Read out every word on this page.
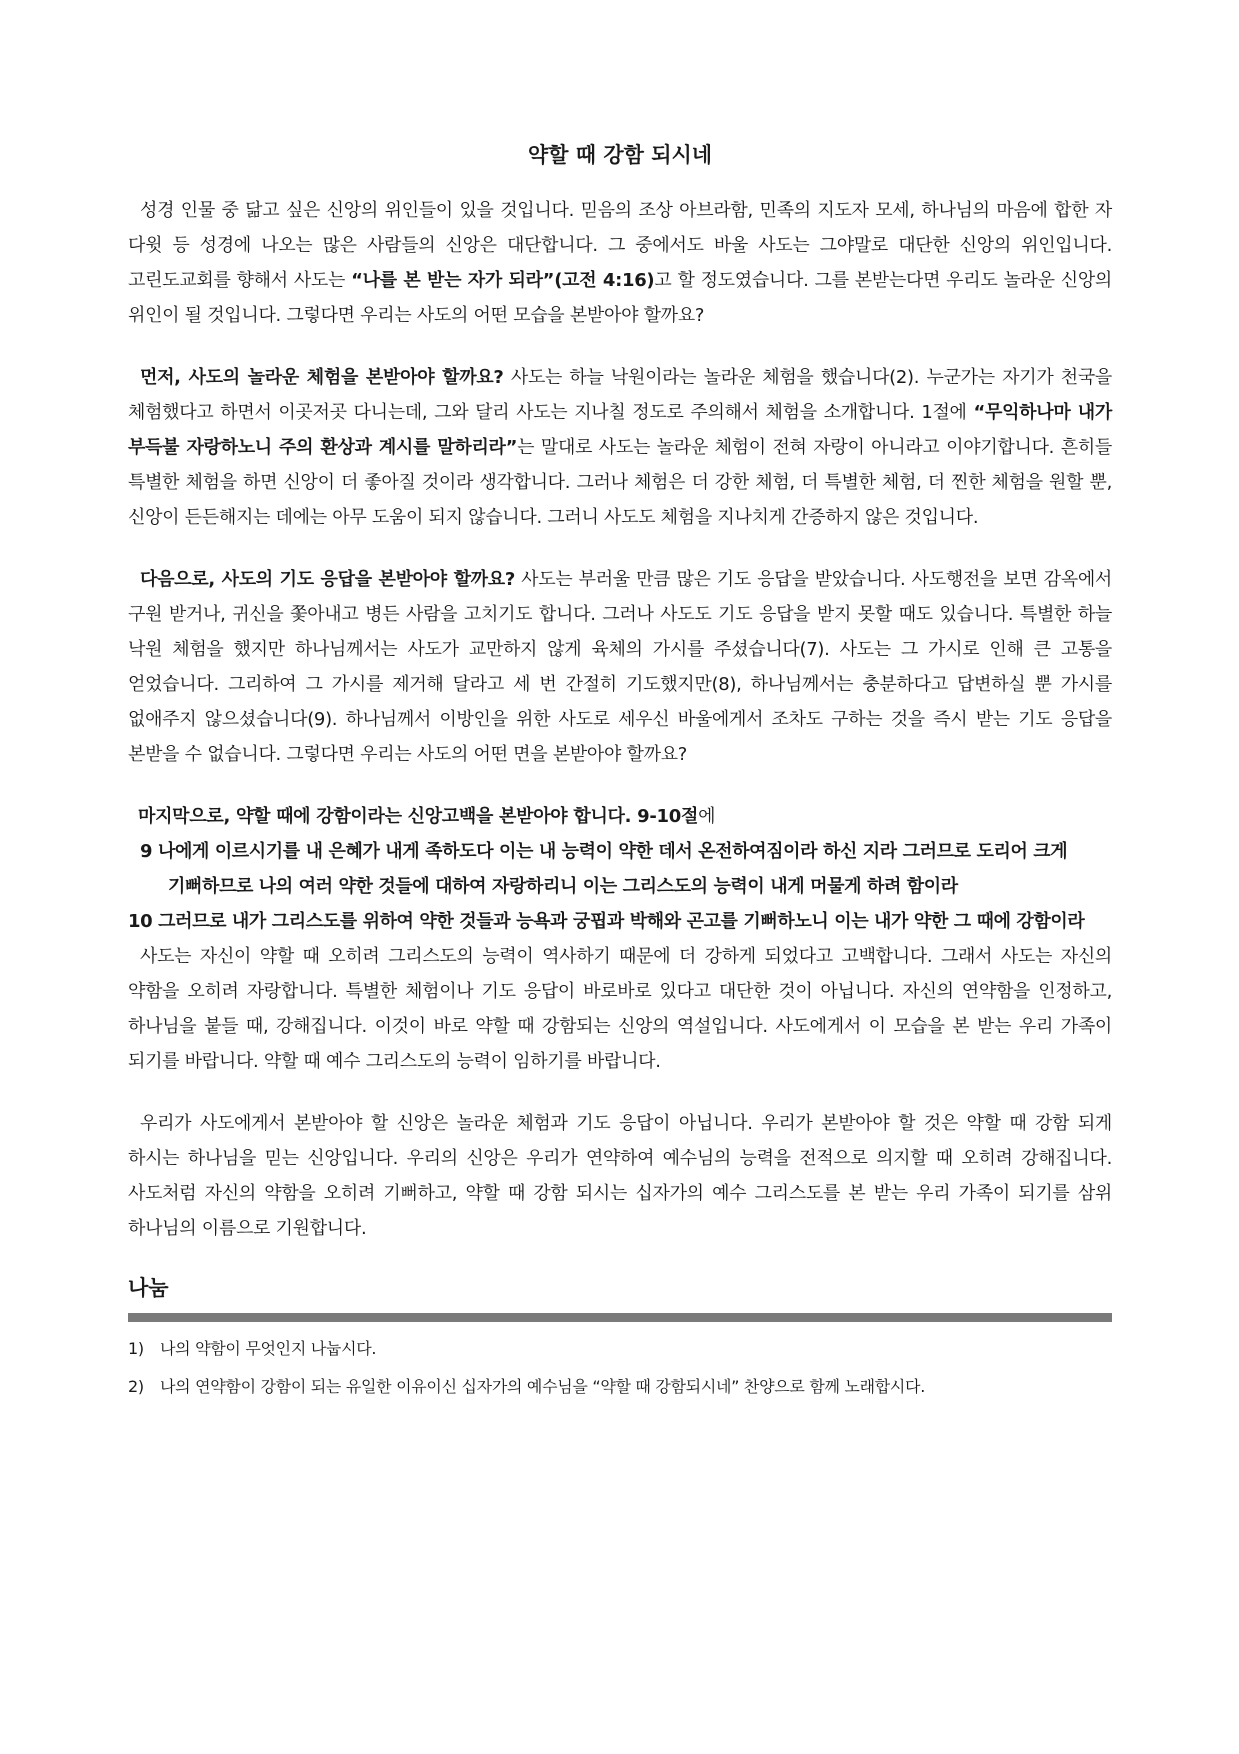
약할 때 강함 되시네

성경 인물 중 닮고 싶은 신앙의 위인들이 있을 것입니다. 믿음의 조상 아브라함, 민족의 지도자 모세, 하나님의 마음에 합한 자 다윗 등 성경에 나오는 많은 사람들의 신앙은 대단합니다. 그 중에서도 바울 사도는 그야말로 대단한 신앙의 위인입니다. 고린도교회를 향해서 사도는 “나를 본 받는 자가 되라”(고전 4:16)고 할 정도였습니다. 그를 본받는다면 우리도 놀라운 신앙의 위인이 될 것입니다. 그렇다면 우리는 사도의 어떤 모습을 본받아야 할까요?

먼저, 사도의 놀라운 체험을 본받아야 할까요? 사도는 하늘 낙원이라는 놀라운 체험을 했습니다(2). 누군가는 자기가 천국을 체험했다고 하면서 이곳저곳 다니는데, 그와 달리 사도는 지나칠 정도로 주의해서 체험을 소개합니다. 1절에 “무익하나마 내가 부득불 자랑하노니 주의 환상과 계시를 말하리라”는 말대로 사도는 놀라운 체험이 전혀 자랑이 아니라고 이야기합니다. 흔히들 특별한 체험을 하면 신앙이 더 좋아질 것이라 생각합니다. 그러나 체험은 더 강한 체험, 더 특별한 체험, 더 찐한 체험을 원할 뿐, 신앙이 든든해지는 데에는 아무 도움이 되지 않습니다. 그러니 사도도 체험을 지나치게 간증하지 않은 것입니다.

다음으로, 사도의 기도 응답을 본받아야 할까요? 사도는 부러울 만큼 많은 기도 응답을 받았습니다. 사도행전을 보면 감옥에서 구원 받거나, 귀신을 쫓아내고 병든 사람을 고치기도 합니다. 그러나 사도도 기도 응답을 받지 못할 때도 있습니다. 특별한 하늘 낙원 체험을 했지만 하나님께서는 사도가 교만하지 않게 육체의 가시를 주셨습니다(7). 사도는 그 가시로 인해 큰 고통을 얻었습니다. 그리하여 그 가시를 제거해 달라고 세 번 간절히 기도했지만(8), 하나님께서는 충분하다고 답변하실 뿐 가시를 없애주지 않으셨습니다(9). 하나님께서 이방인을 위한 사도로 세우신 바울에게서 조차도 구하는 것을 즉시 받는 기도 응답을 본받을 수 없습니다. 그렇다면 우리는 사도의 어떤 면을 본받아야 할까요?

마지막으로, 약할 때에 강함이라는 신앙고백을 본받아야 합니다. 9-10절에

9 나에게 이르시기를 내 은혜가 내게 족하도다 이는 내 능력이 약한 데서 온전하여짐이라 하신 지라 그러므로 도리어 크게 기뻐하므로 나의 여러 약한 것들에 대하여 자랑하리니 이는 그리스도의 능력이 내게 머물게 하려 함이라

10 그러므로 내가 그리스도를 위하여 약한 것들과 능욕과 궁핍과 박해와 곤고를 기뻐하노니 이는 내가 약한 그 때에 강함이라

사도는 자신이 약할 때 오히려 그리스도의 능력이 역사하기 때문에 더 강하게 되었다고 고백합니다. 그래서 사도는 자신의 약함을 오히려 자랑합니다. 특별한 체험이나 기도 응답이 바로바로 있다고 대단한 것이 아닙니다. 자신의 연약함을 인정하고, 하나님을 붙들 때, 강해집니다. 이것이 바로 약할 때 강함되는 신앙의 역설입니다. 사도에게서 이 모습을 본 받는 우리 가족이 되기를 바랍니다. 약할 때 예수 그리스도의 능력이 임하기를 바랍니다.

우리가 사도에게서 본받아야 할 신앙은 놀라운 체험과 기도 응답이 아닙니다. 우리가 본받아야 할 것은 약할 때 강함 되게 하시는 하나님을 믿는 신앙입니다. 우리의 신앙은 우리가 연약하여 예수님의 능력을 전적으로 의지할 때 오히려 강해집니다. 사도처럼 자신의 약함을 오히려 기뻐하고, 약할 때 강함 되시는 십자가의 예수 그리스도를 본 받는 우리 가족이 되기를 삼위 하나님의 이름으로 기원합니다.

나눔
1)	나의 약함이 무엇인지 나눕시다.
2)	나의 연약함이 강함이 되는 유일한 이유이신 십자가의 예수님을 “약할 때 강함되시네” 찬양으로 함께 노래합시다.
